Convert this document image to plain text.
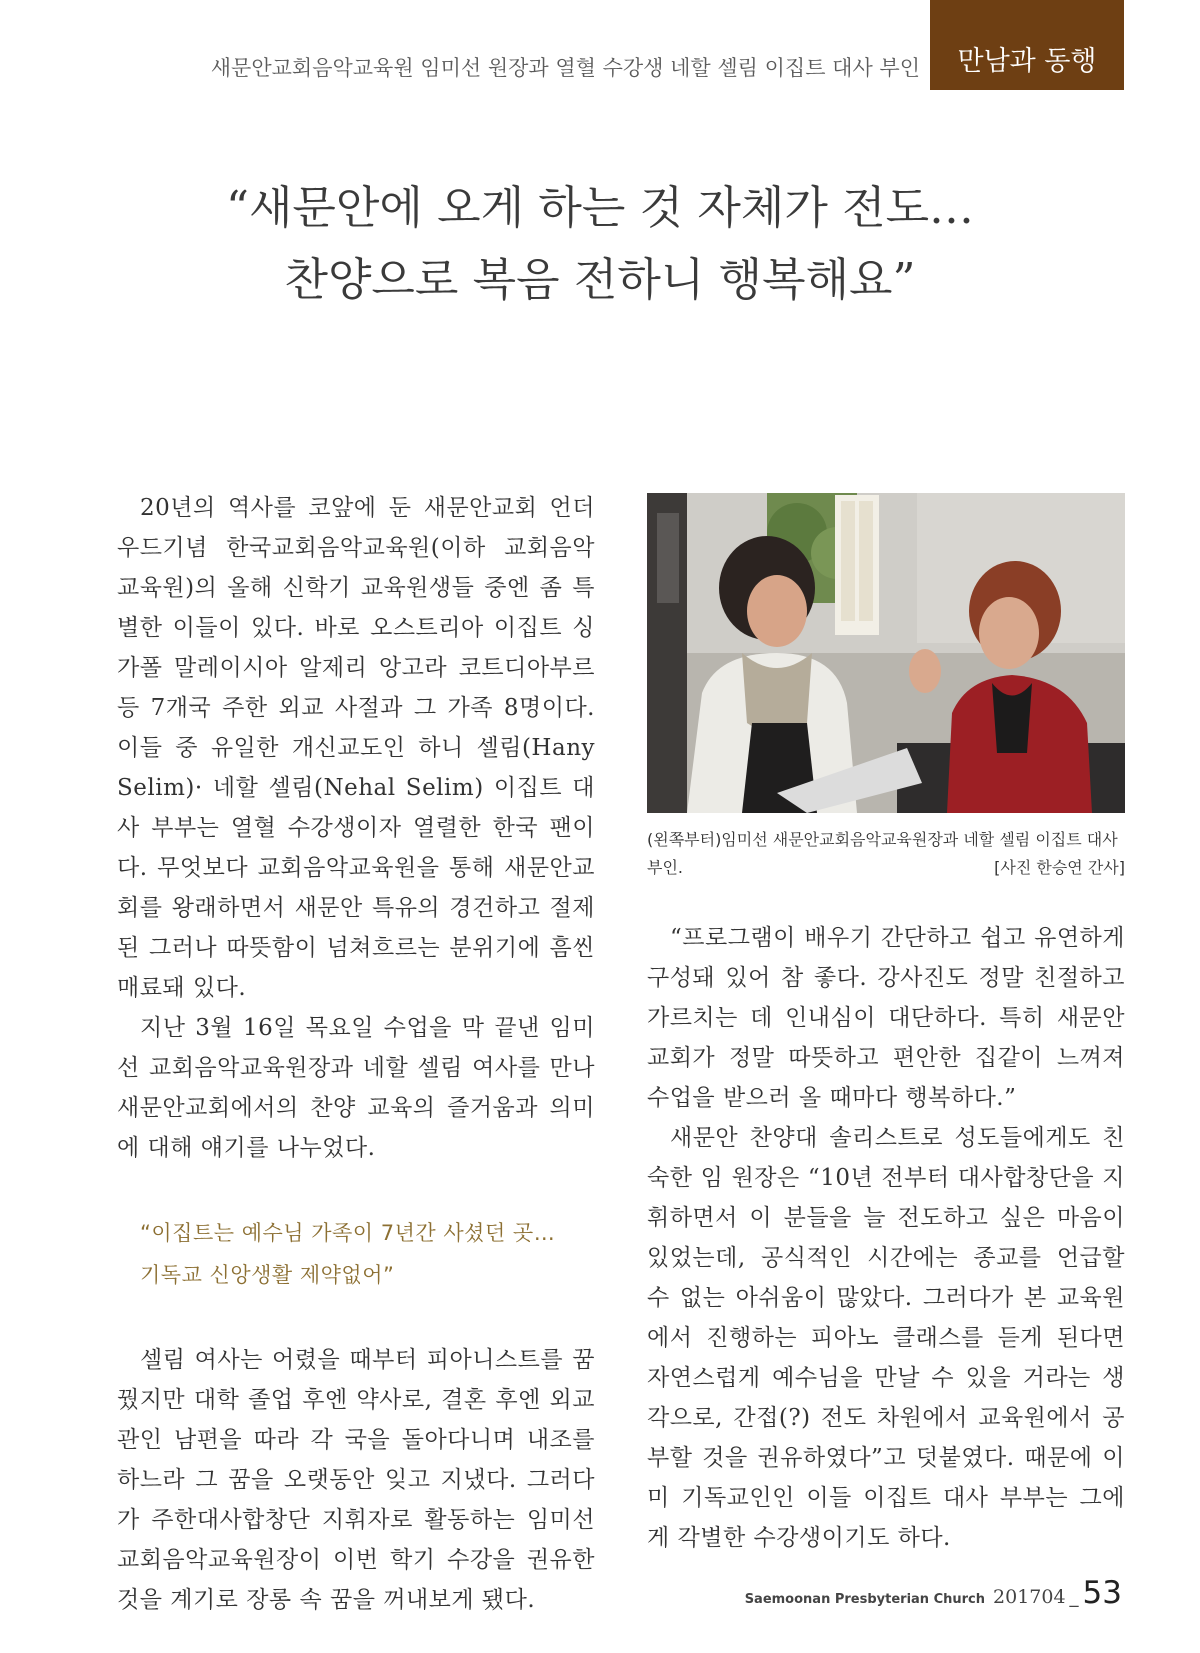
새문안교회음악교육원 임미선 원장과 열혈 수강생 네할 셀림 이집트 대사 부인	만남과 동행
“새문안에 오게 하는 것 자체가 전도…
찬양으로 복음 전하니 행복해요”

20년의 역사를 코앞에 둔 새문안교회 언더우드기념 한국교회음악교육원(이하 교회음악교육원)의 올해 신학기 교육원생들 중엔 좀 특별한 이들이 있다. 바로 오스트리아 이집트 싱가폴 말레이시아 알제리 앙고라 코트디아부르 등 7개국 주한 외교 사절과 그 가족 8명이다. 이들 중 유일한 개신교도인 하니 셀림(Hany Selim)· 네할 셀림(Nehal Selim) 이집트 대사 부부는 열혈 수강생이자 열렬한 한국 팬이다. 무엇보다 교회음악교육원을 통해 새문안교회를 왕래하면서 새문안 특유의 경건하고 절제된 그러나 따뜻함이 넘쳐흐르는 분위기에 흠씬 매료돼 있다.

지난 3월 16일 목요일 수업을 막 끝낸 임미선 교회음악교육원장과 네할 셀림 여사를 만나 새문안교회에서의 찬양 교육의 즐거움과 의미에 대해 얘기를 나누었다.

“이집트는 예수님 가족이 7년간 사셨던 곳…
기독교 신앙생활 제약없어”

셀림 여사는 어렸을 때부터 피아니스트를 꿈꿨지만 대학 졸업 후엔 약사로, 결혼 후엔 외교관인 남편을 따라 각 국을 돌아다니며 내조를 하느라 그 꿈을 오랫동안 잊고 지냈다. 그러다가 주한대사합창단 지휘자로 활동하는 임미선 교회음악교육원장이 이번 학기 수강을 권유한 것을 계기로 장롱 속 꿈을 꺼내보게 됐다.

(왼쪽부터)임미선 새문안교회음악교육원장과 네할 셀림 이집트 대사 부인.	[사진 한승연 간사]

“프로그램이 배우기 간단하고 쉽고 유연하게 구성돼 있어 참 좋다. 강사진도 정말 친절하고 가르치는 데 인내심이 대단하다. 특히 새문안교회가 정말 따뜻하고 편안한 집같이 느껴져 수업을 받으러 올 때마다 행복하다.”

새문안 찬양대 솔리스트로 성도들에게도 친숙한 임 원장은 “10년 전부터 대사합창단을 지휘하면서 이 분들을 늘 전도하고 싶은 마음이 있었는데, 공식적인 시간에는 종교를 언급할 수 없는 아쉬움이 많았다. 그러다가 본 교육원에서 진행하는 피아노 클래스를 듣게 된다면 자연스럽게 예수님을 만날 수 있을 거라는 생각으로, 간접(?) 전도 차원에서 교육원에서 공부할 것을 권유하였다”고 덧붙였다. 때문에 이미 기독교인인 이들 이집트 대사 부부는 그에게 각별한 수강생이기도 하다.

Saemoonan Presbyterian Church 201704 _ 53
